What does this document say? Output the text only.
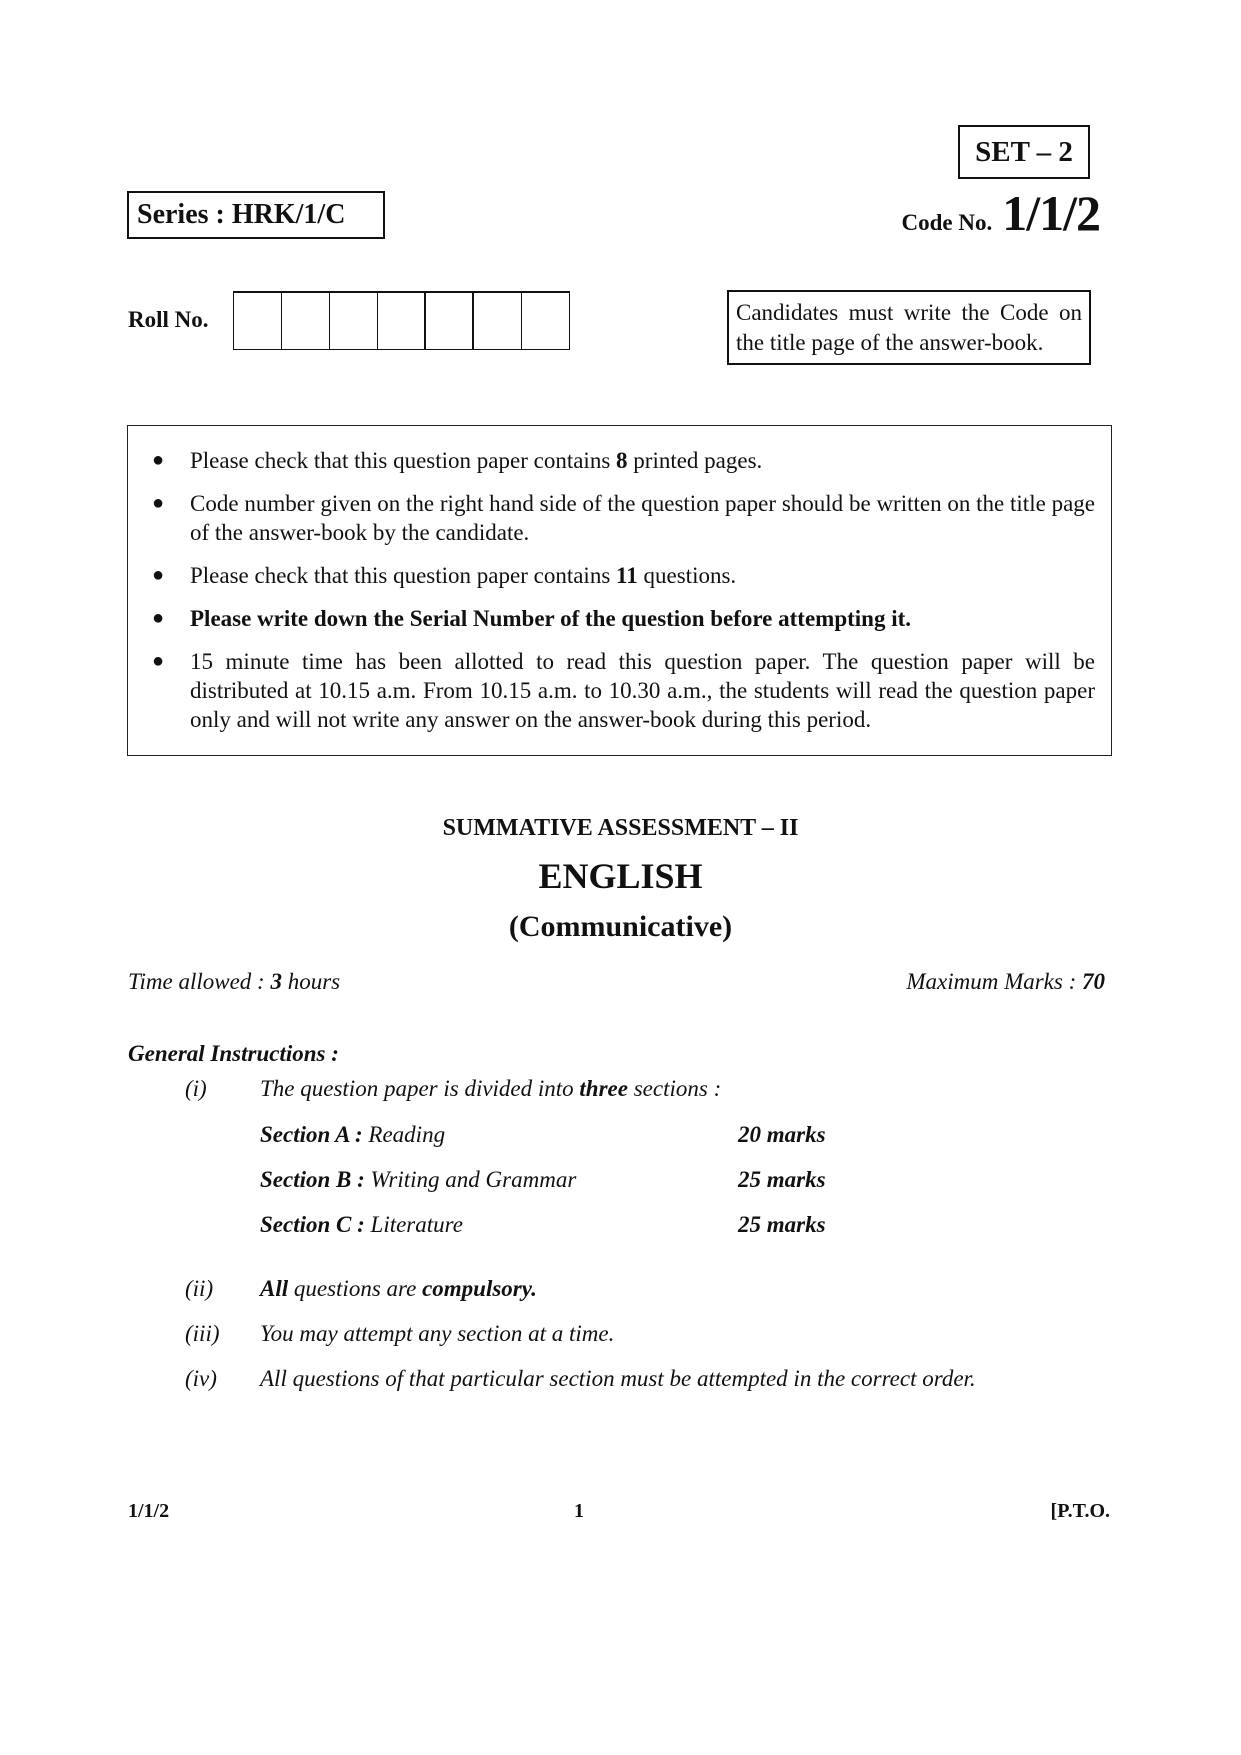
SET – 2
Code No. 1/1/2
Series : HRK/1/C
Roll No.	Candidates must write the Code on the title page of the answer-book.
● Please check that this question paper contains 8 printed pages.
● Code number given on the right hand side of the question paper should be written on the title page of the answer-book by the candidate.
● Please check that this question paper contains 11 questions.
● Please write down the Serial Number of the question before attempting it.
● 15 minute time has been allotted to read this question paper. The question paper will be distributed at 10.15 a.m. From 10.15 a.m. to 10.30 a.m., the students will read the question paper only and will not write any answer on the answer-book during this period.
SUMMATIVE ASSESSMENT – II
ENGLISH
(Communicative)
Time allowed : 3 hours	Maximum Marks : 70
General Instructions :
(i) The question paper is divided into three sections :
Section A : Reading	20 marks
Section B : Writing and Grammar	25 marks
Section C : Literature	25 marks
(ii) All questions are compulsory.
(iii) You may attempt any section at a time.
(iv) All questions of that particular section must be attempted in the correct order.
1/1/2	1	[P.T.O.
